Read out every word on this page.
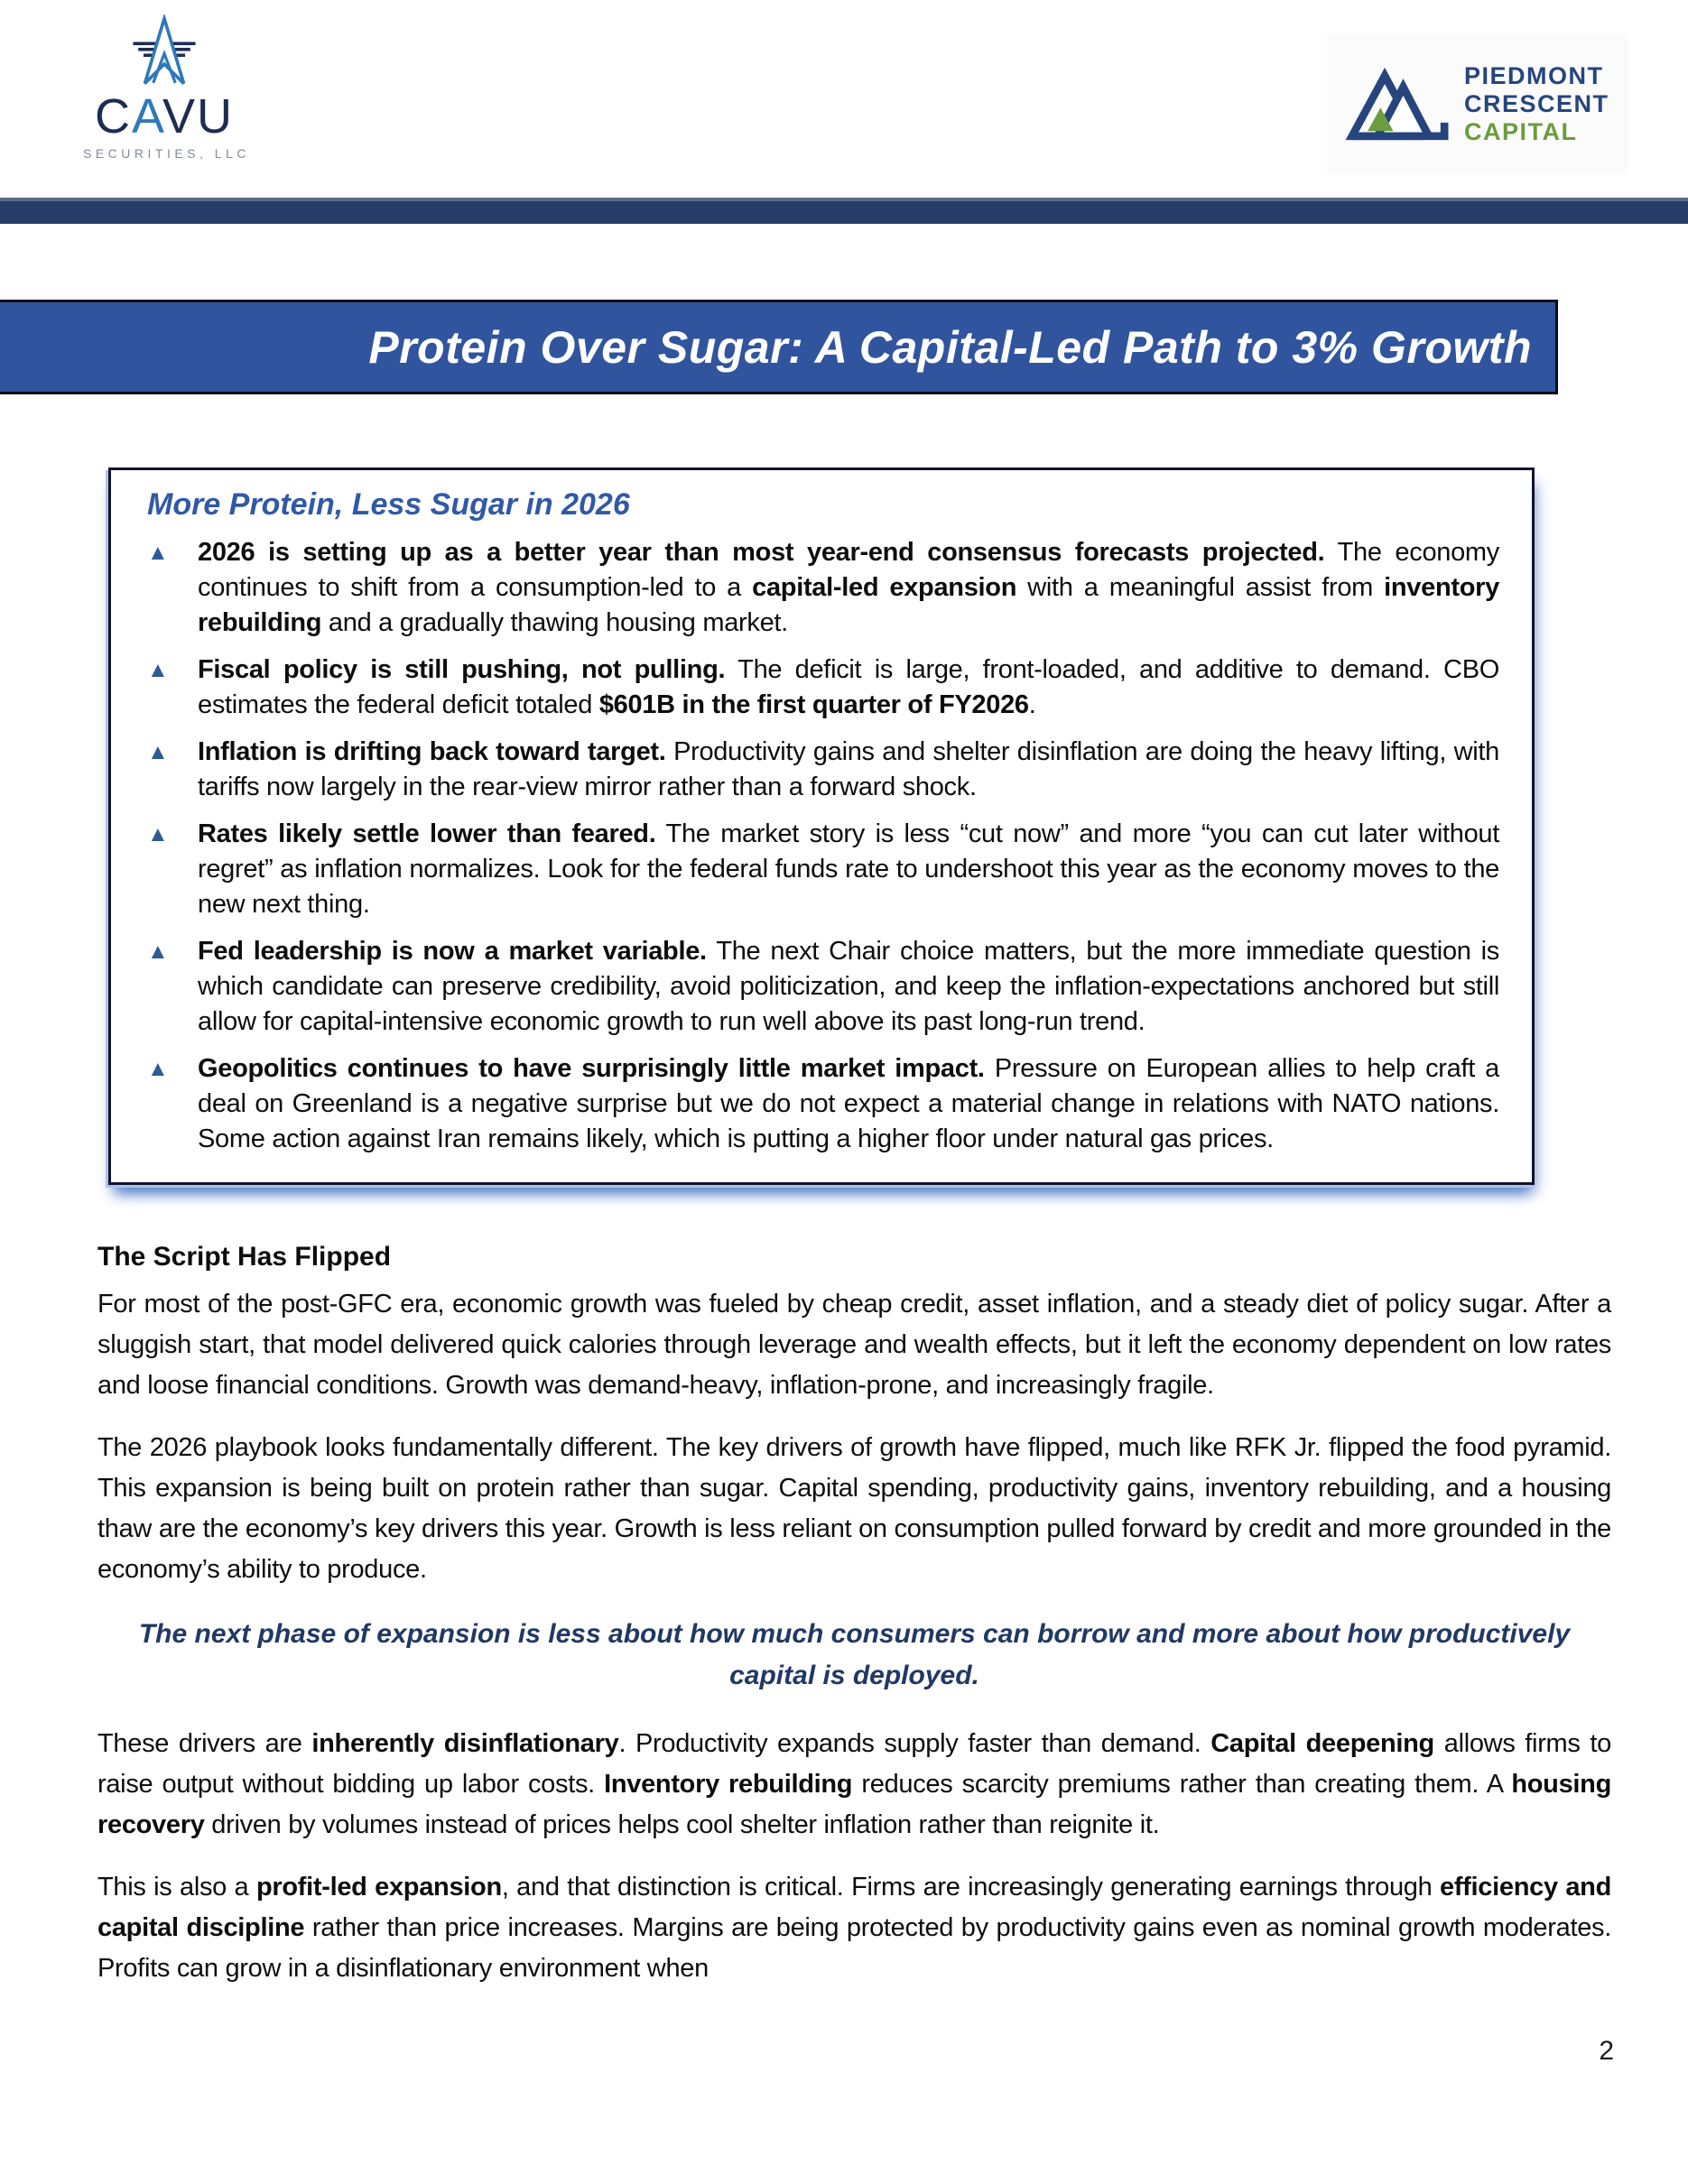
CAVU
SECURITIES, LLC
PIEDMONT
CRESCENT
CAPITAL
Protein Over Sugar: A Capital-Led Path to 3% Growth
More Protein, Less Sugar in 2026
▲	2026 is setting up as a better year than most year-end consensus forecasts projected. The economy continues to shift from a consumption-led to a capital-led expansion with a meaningful assist from inventory rebuilding and a gradually thawing housing market.
▲	Fiscal policy is still pushing, not pulling. The deficit is large, front-loaded, and additive to demand. CBO estimates the federal deficit totaled $601B in the first quarter of FY2026.
▲	Inflation is drifting back toward target. Productivity gains and shelter disinflation are doing the heavy lifting, with tariffs now largely in the rear-view mirror rather than a forward shock.
▲	Rates likely settle lower than feared. The market story is less “cut now” and more “you can cut later without regret” as inflation normalizes. Look for the federal funds rate to undershoot this year as the economy moves to the new next thing.
▲	Fed leadership is now a market variable. The next Chair choice matters, but the more immediate question is which candidate can preserve credibility, avoid politicization, and keep the inflation-expectations anchored but still allow for capital-intensive economic growth to run well above its past long-run trend.
▲	Geopolitics continues to have surprisingly little market impact. Pressure on European allies to help craft a deal on Greenland is a negative surprise but we do not expect a material change in relations with NATO nations. Some action against Iran remains likely, which is putting a higher floor under natural gas prices.
The Script Has Flipped

For most of the post-GFC era, economic growth was fueled by cheap credit, asset inflation, and a steady diet of policy sugar. After a sluggish start, that model delivered quick calories through leverage and wealth effects, but it left the economy dependent on low rates and loose financial conditions. Growth was demand-heavy, inflation-prone, and increasingly fragile.

The 2026 playbook looks fundamentally different. The key drivers of growth have flipped, much like RFK Jr. flipped the food pyramid. This expansion is being built on protein rather than sugar. Capital spending, productivity gains, inventory rebuilding, and a housing thaw are the economy’s key drivers this year. Growth is less reliant on consumption pulled forward by credit and more grounded in the economy’s ability to produce.

The next phase of expansion is less about how much consumers can borrow and more about how productively capital is deployed.

These drivers are inherently disinflationary. Productivity expands supply faster than demand. Capital deepening allows firms to raise output without bidding up labor costs. Inventory rebuilding reduces scarcity premiums rather than creating them. A housing recovery driven by volumes instead of prices helps cool shelter inflation rather than reignite it.

This is also a profit-led expansion, and that distinction is critical. Firms are increasingly generating earnings through efficiency and capital discipline rather than price increases. Margins are being protected by productivity gains even as nominal growth moderates. Profits can grow in a disinflationary environment when

2
